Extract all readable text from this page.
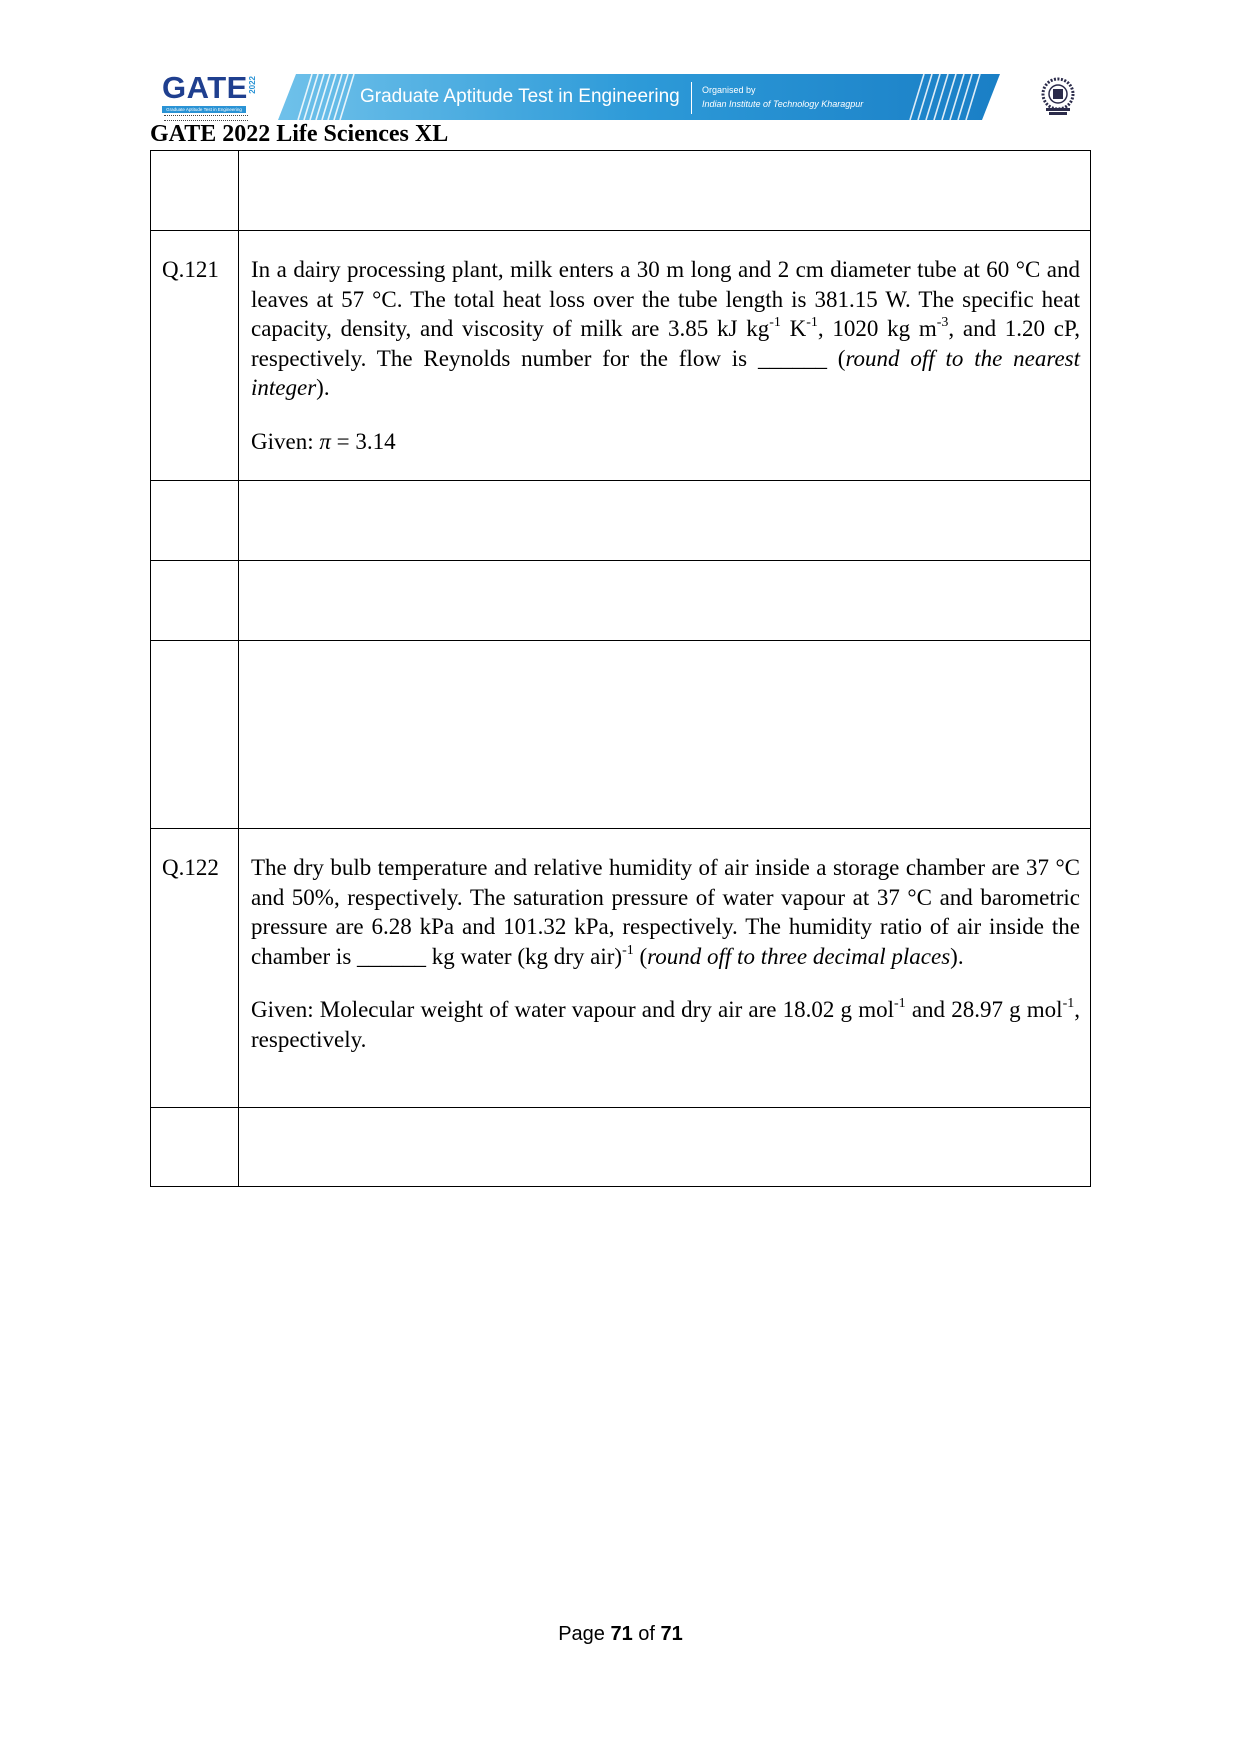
GATE 2022
Graduate Aptitude Test in Engineering
Graduate Aptitude Test in Engineering Organised by
Indian Institute of Technology Kharagpur
GATE 2022 Life Sciences XL
Q.121 In a dairy processing plant, milk enters a 30 m long and 2 cm diameter tube at 60 °C and leaves at 57 °C. The total heat loss over the tube length is 381.15 W. The specific heat capacity, density, and viscosity of milk are 3.85 kJ $kg^{-1}$ $K^{-1}$, 1020 kg $m^{-3}$, and 1.20 cP, respectively. The Reynolds number for the flow is ______ (round off to the nearest integer).

Given: π = 3.14

Q.122 The dry bulb temperature and relative humidity of air inside a storage chamber are 37 °C and 50%, respectively. The saturation pressure of water vapour at 37 °C and barometric pressure are 6.28 kPa and 101.32 kPa, respectively. The humidity ratio of air inside the chamber is ______ kg water (kg dry air)$^{-1}$ (round off to three decimal places).

Given: Molecular weight of water vapour and dry air are 18.02 g mol$^{-1}$ and 28.97 g mol$^{-1}$, respectively.

Page 71 of 71
